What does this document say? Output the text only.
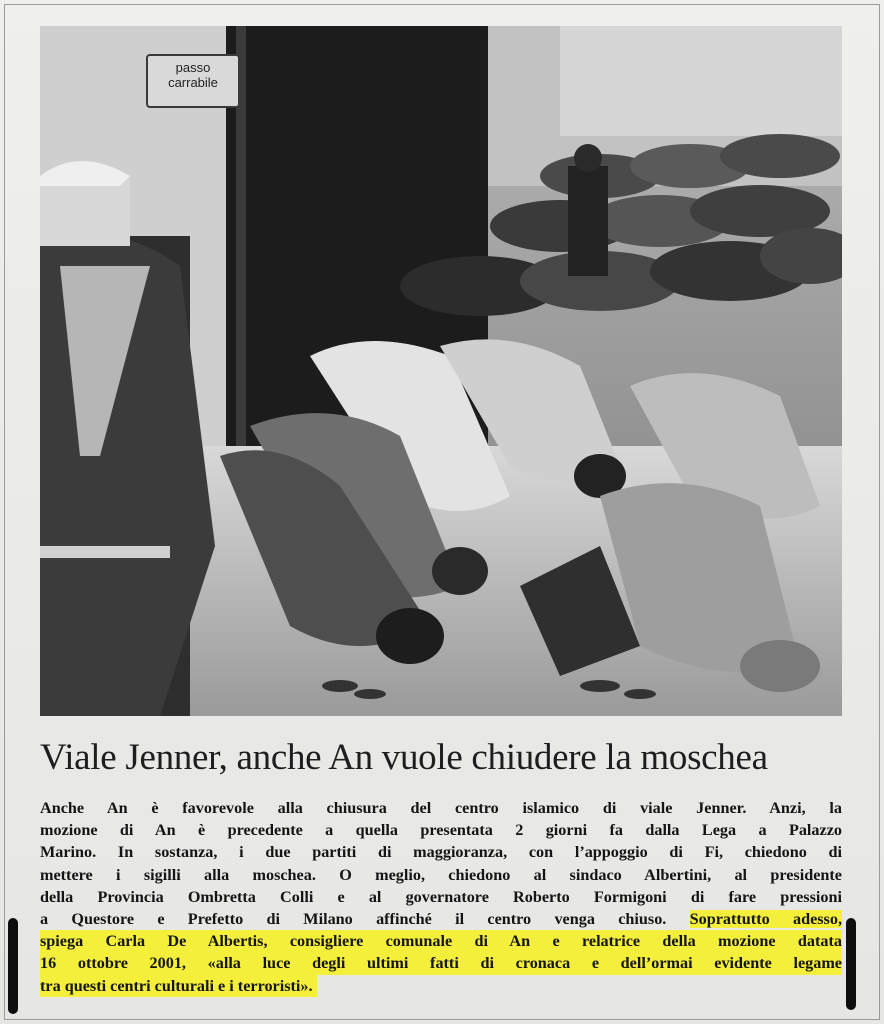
passo
carrabile
Viale Jenner, anche An vuole chiudere la moschea
Anche An è favorevole alla chiusura del centro islamico di viale Jenner. Anzi, la
mozione di An è precedente a quella presentata 2 giorni fa dalla Lega a Palazzo
Marino. In sostanza, i due partiti di maggioranza, con l’appoggio di Fi, chiedono di
mettere i sigilli alla moschea. O meglio, chiedono al sindaco Albertini, al presidente
della Provincia Ombretta Colli e al governatore Roberto Formigoni di fare pressioni
a Questore e Prefetto di Milano affinché il centro venga chiuso. Soprattutto adesso,
spiega Carla De Albertis, consigliere comunale di An e relatrice della mozione datata
16 ottobre 2001, «alla luce degli ultimi fatti di cronaca e dell’ormai evidente legame
tra questi centri culturali e i terroristi».
